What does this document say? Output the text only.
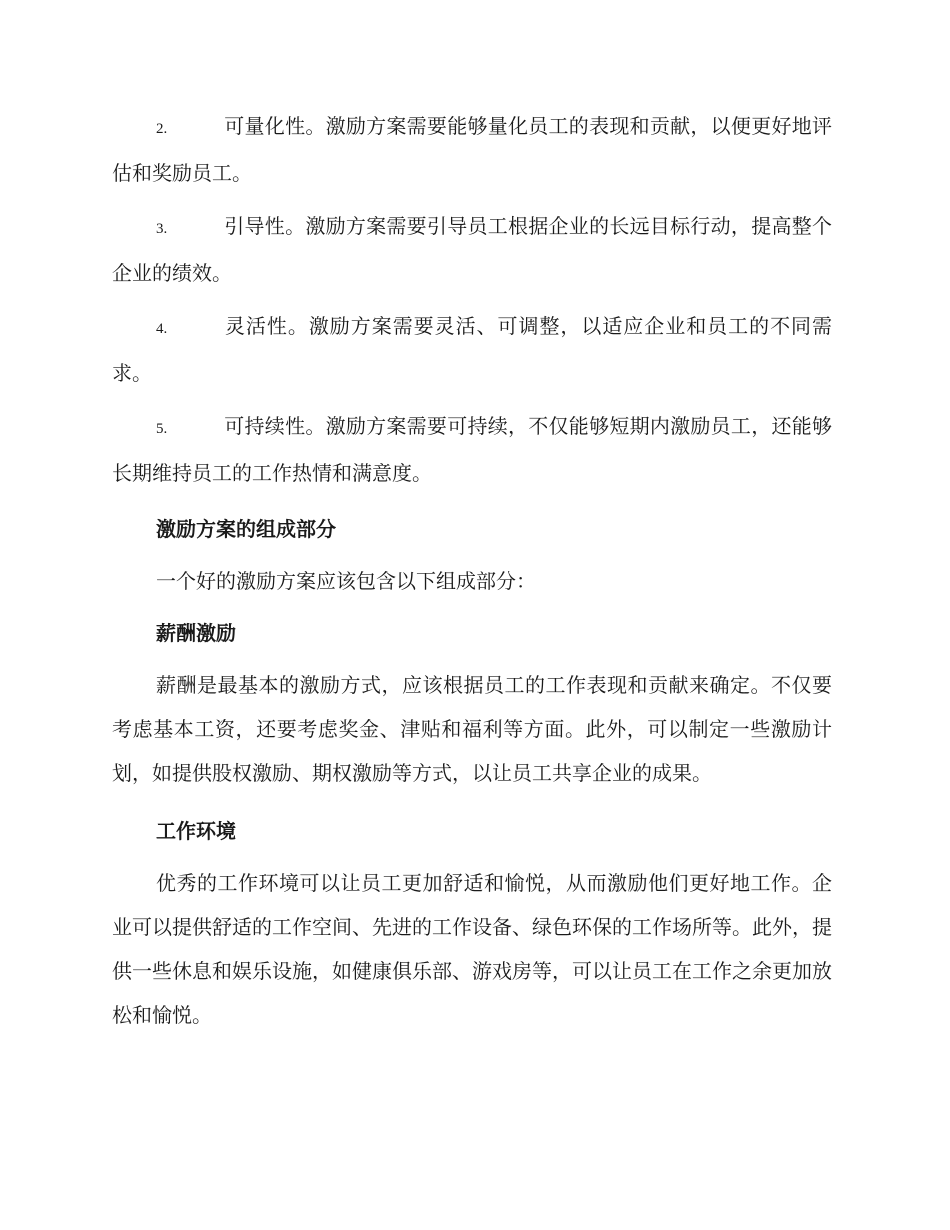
2.	可量化性。激励方案需要能够量化员工的表现和贡献，以便更好地评估和奖励员工。

3.	引导性。激励方案需要引导员工根据企业的长远目标行动，提高整个企业的绩效。

4.	灵活性。激励方案需要灵活、可调整，以适应企业和员工的不同需求。

5.	可持续性。激励方案需要可持续，不仅能够短期内激励员工，还能够长期维持员工的工作热情和满意度。

激励方案的组成部分

一个好的激励方案应该包含以下组成部分：

薪酬激励

薪酬是最基本的激励方式，应该根据员工的工作表现和贡献来确定。不仅要考虑基本工资，还要考虑奖金、津贴和福利等方面。此外，可以制定一些激励计划，如提供股权激励、期权激励等方式，以让员工共享企业的成果。

工作环境

优秀的工作环境可以让员工更加舒适和愉悦，从而激励他们更好地工作。企业可以提供舒适的工作空间、先进的工作设备、绿色环保的工作场所等。此外，提供一些休息和娱乐设施，如健康俱乐部、游戏房等，可以让员工在工作之余更加放松和愉悦。
